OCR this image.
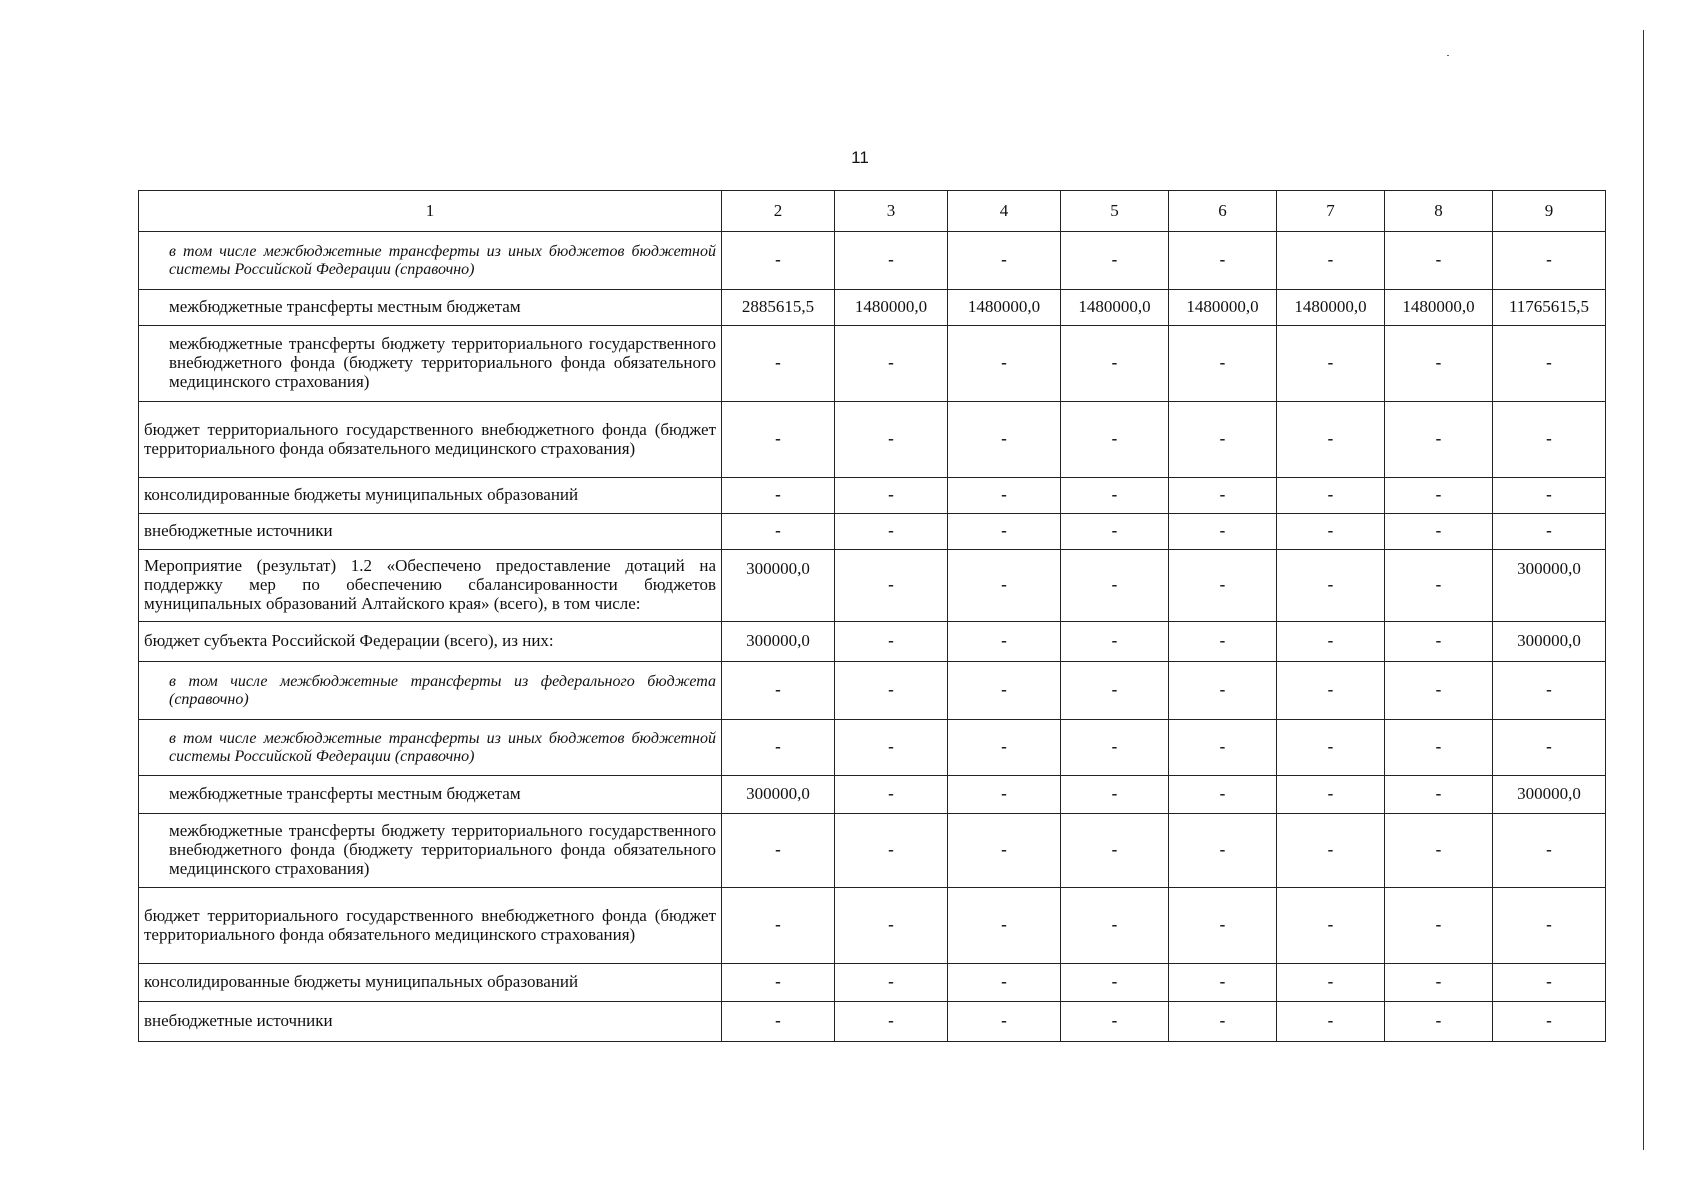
11
1	2	3	4	5	6	7	8	9
в том числе межбюджетные трансферты из иных бюджетов бюджетной системы Российской Федерации (справочно)	-	-	-	-	-	-	-	-
межбюджетные трансферты местным бюджетам	2885615,5	1480000,0	1480000,0	1480000,0	1480000,0	1480000,0	1480000,0	11765615,5
межбюджетные трансферты бюджету территориального государственного внебюджетного фонда (бюджету территориального фонда обязательного медицинского страхования)	-	-	-	-	-	-	-	-
бюджет территориального государственного внебюджетного фонда (бюджет территориального фонда обязательного медицинского страхования)	-	-	-	-	-	-	-	-
консолидированные бюджеты муниципальных образований	-	-	-	-	-	-	-	-
внебюджетные источники	-	-	-	-	-	-	-	-
Мероприятие (результат) 1.2 «Обеспечено предоставление дотаций на поддержку мер по обеспечению сбалансированности бюджетов муниципальных образований Алтайского края» (всего), в том числе:	300000,0	-	-	-	-	-	-	300000,0
бюджет субъекта Российской Федерации (всего), из них:	300000,0	-	-	-	-	-	-	300000,0
в том числе межбюджетные трансферты из федерального бюджета (справочно)	-	-	-	-	-	-	-	-
в том числе межбюджетные трансферты из иных бюджетов бюджетной системы Российской Федерации (справочно)	-	-	-	-	-	-	-	-
межбюджетные трансферты местным бюджетам	300000,0	-	-	-	-	-	-	300000,0
межбюджетные трансферты бюджету территориального государственного внебюджетного фонда (бюджету территориального фонда обязательного медицинского страхования)	-	-	-	-	-	-	-	-
бюджет территориального государственного внебюджетного фонда (бюджет территориального фонда обязательного медицинского страхования)	-	-	-	-	-	-	-	-
консолидированные бюджеты муниципальных образований	-	-	-	-	-	-	-	-
внебюджетные источники	-	-	-	-	-	-	-	-
